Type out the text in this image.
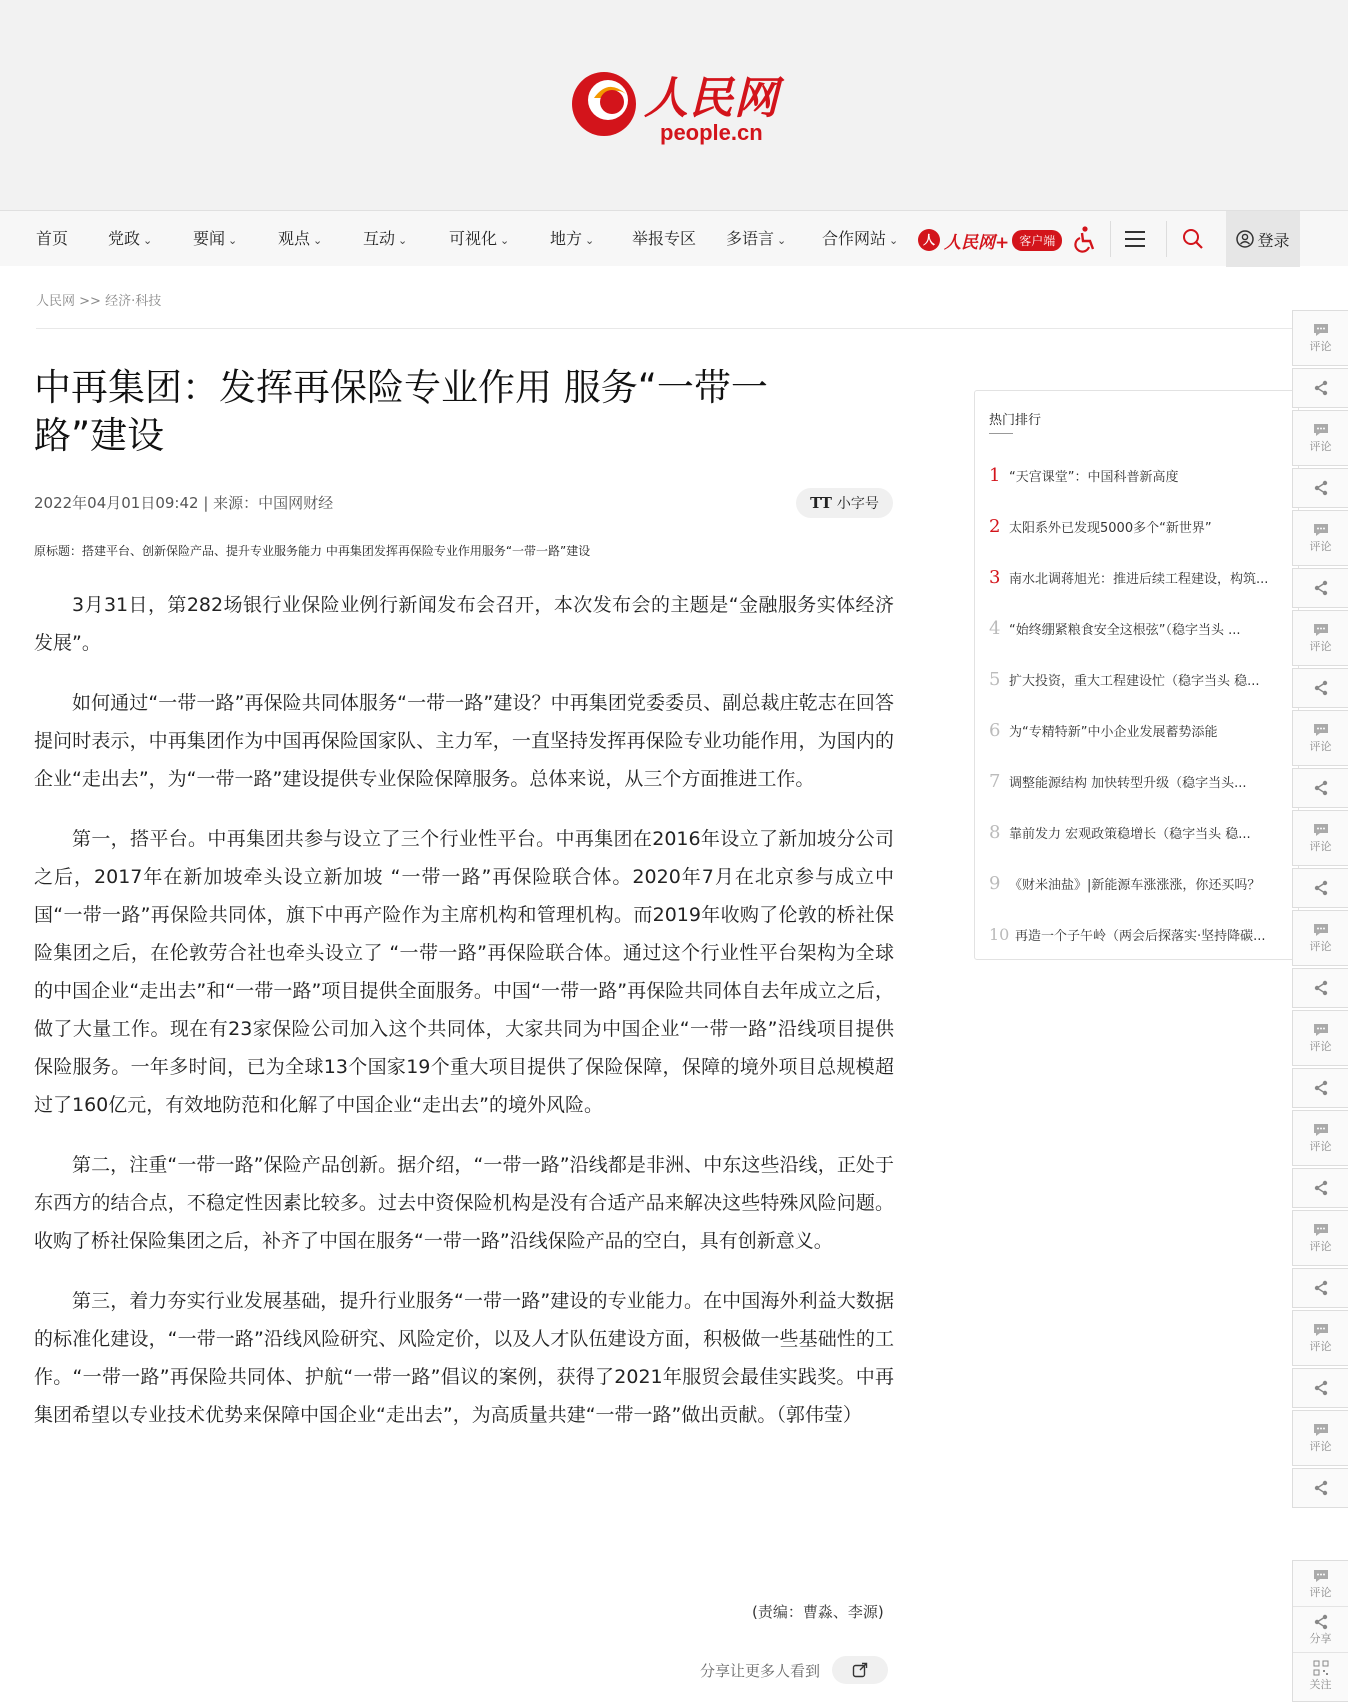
人民网
people.cn
首页 党政 ⌄	要闻 ⌄	观点 ⌄	互动 ⌄	可视化 ⌄	地方 ⌄ 举报专区 多语言 ⌄ 合作网站 ⌄	人 人民网+ 客户端	登录
人民网 >> 经济·科技
中再集团：发挥再保险专业作用 服务“一带一路”建设
2022年04月01日09:42 | 来源：中国网财经	TT 小字号
原标题：搭建平台、创新保险产品、提升专业服务能力 中再集团发挥再保险专业作用服务“一带一路”建设

3月31日，第282场银行业保险业例行新闻发布会召开，本次发布会的主题是“金融服务实体经济发展”。

如何通过“一带一路”再保险共同体服务“一带一路”建设？中再集团党委委员、副总裁庄乾志在回答提问时表示，中再集团作为中国再保险国家队、主力军，一直坚持发挥再保险专业功能作用，为国内的企业“走出去”，为“一带一路”建设提供专业保险保障服务。总体来说，从三个方面推进工作。

第一，搭平台。中再集团共参与设立了三个行业性平台。中再集团在2016年设立了新加坡分公司之后，2017年在新加坡牵头设立新加坡 “一带一路”再保险联合体。2020年7月在北京参与成立中国“一带一路”再保险共同体，旗下中再产险作为主席机构和管理机构。而2019年收购了伦敦的桥社保险集团之后，在伦敦劳合社也牵头设立了 “一带一路”再保险联合体。通过这个行业性平台架构为全球的中国企业“走出去”和“一带一路”项目提供全面服务。中国“一带一路”再保险共同体自去年成立之后，做了大量工作。现在有23家保险公司加入这个共同体，大家共同为中国企业“一带一路”沿线项目提供保险服务。一年多时间，已为全球13个国家19个重大项目提供了保险保障，保障的境外项目总规模超过了160亿元，有效地防范和化解了中国企业“走出去”的境外风险。

第二，注重“一带一路”保险产品创新。据介绍，“一带一路”沿线都是非洲、中东这些沿线，正处于东西方的结合点，不稳定性因素比较多。过去中资保险机构是没有合适产品来解决这些特殊风险问题。收购了桥社保险集团之后，补齐了中国在服务“一带一路”沿线保险产品的空白，具有创新意义。

第三，着力夯实行业发展基础，提升行业服务“一带一路”建设的专业能力。在中国海外利益大数据的标准化建设，“一带一路”沿线风险研究、风险定价，以及人才队伍建设方面，积极做一些基础性的工作。“一带一路”再保险共同体、护航“一带一路”倡议的案例，获得了2021年服贸会最佳实践奖。中再集团希望以专业技术优势来保障中国企业“走出去”，为高质量共建“一带一路”做出贡献。（郭伟莹）

(责编：曹淼、李源)
分享让更多人看到
热门排行
1 “天宫课堂”：中国科普新高度
2 太阳系外已发现5000多个“新世界”
3 南水北调蒋旭光：推进后续工程建设，构筑...
4 “始终绷紧粮食安全这根弦”（稳字当头 ...
5 扩大投资，重大工程建设忙（稳字当头 稳...
6 为“专精特新”中小企业发展蓄势添能
7 调整能源结构 加快转型升级（稳字当头...
8 靠前发力 宏观政策稳增长（稳字当头 稳...
9 《财米油盐》|新能源车涨涨涨，你还买吗？
10 再造一个子午岭（两会后探落实·坚持降碳...
评论
评论
评论
评论
评论
评论
评论
评论
评论
评论
评论
评论
评论
分享
关注
